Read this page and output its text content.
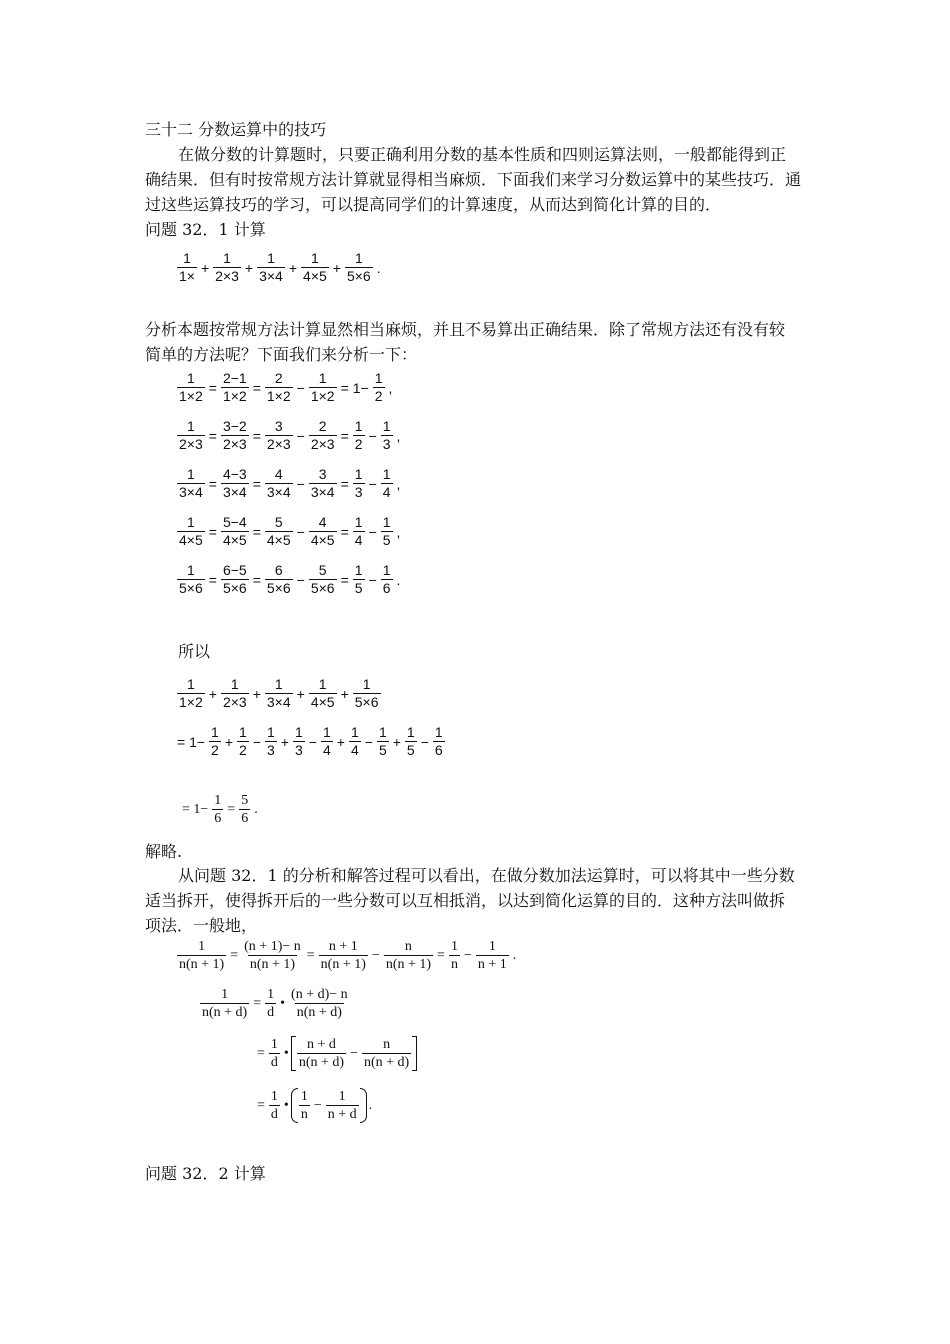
三十二 分数运算中的技巧
在做分数的计算题时，只要正确利用分数的基本性质和四则运算法则，一般都能得到正
确结果．但有时按常规方法计算就显得相当麻烦．下面我们来学习分数运算中的某些技巧．通
过这些运算技巧的学习，可以提高同学们的计算速度，从而达到简化计算的目的．
问题 32．1 计算
$\frac{1}{1\times} + \frac{1}{2\times 3} + \frac{1}{3\times 4} + \frac{1}{4\times 5} + \frac{1}{5\times 6}$ .
分析本题按常规方法计算显然相当麻烦，并且不易算出正确结果．除了常规方法还有没有较
简单的方法呢？下面我们来分析一下：
$\frac{1}{1\times 2} = \frac{2-1}{1\times 2} = \frac{2}{1\times 2} - \frac{1}{1\times 2} = 1- \frac{1}{2}$ ,
$\frac{1}{2\times 3} = \frac{3-2}{2\times 3} = \frac{3}{2\times 3} - \frac{2}{2\times 3} = \frac{1}{2} - \frac{1}{3}$ ,
$\frac{1}{3\times 4} = \frac{4-3}{3\times 4} = \frac{4}{3\times 4} - \frac{3}{3\times 4} = \frac{1}{3} - \frac{1}{4}$ ,
$\frac{1}{4\times 5} = \frac{5-4}{4\times 5} = \frac{5}{4\times 5} - \frac{4}{4\times 5} = \frac{1}{4} - \frac{1}{5}$ ,
$\frac{1}{5\times 6} = \frac{6-5}{5\times 6} = \frac{6}{5\times 6} - \frac{5}{5\times 6} = \frac{1}{5} - \frac{1}{6}$ .
所以
$\frac{1}{1\times 2} + \frac{1}{2\times 3} + \frac{1}{3\times 4} + \frac{1}{4\times 5} + \frac{1}{5\times 6}$
= $1- \frac{1}{2} + \frac{1}{2} - \frac{1}{3} + \frac{1}{3} - \frac{1}{4} + \frac{1}{4} - \frac{1}{5} + \frac{1}{5} - \frac{1}{6}$
= $1- \frac{1}{6} = \frac{5}{6}$ .
解略.
从问题 32．1 的分析和解答过程可以看出，在做分数加法运算时，可以将其中一些分数
适当拆开，使得拆开后的一些分数可以互相抵消，以达到简化运算的目的．这种方法叫做拆
项法．一般地，
$\frac{1}{n(n + 1)} = \frac{(n + 1)- n}{n(n + 1)} = \frac{n + 1}{n(n + 1)} - \frac{n}{n(n + 1)} = \frac{1}{n} - \frac{1}{n + 1}$ .
$\frac{1}{n(n + d)} = \frac{1}{d}$ • $\frac{(n + d)- n}{n(n + d)}$
= $\frac{1}{d}$ • $\frac{n + d}{n(n + d)} - \frac{n}{n(n + d)}$
= $\frac{1}{d}$ • $\frac{1}{n} - \frac{1}{n + d}$ .
问题 32．2 计算
